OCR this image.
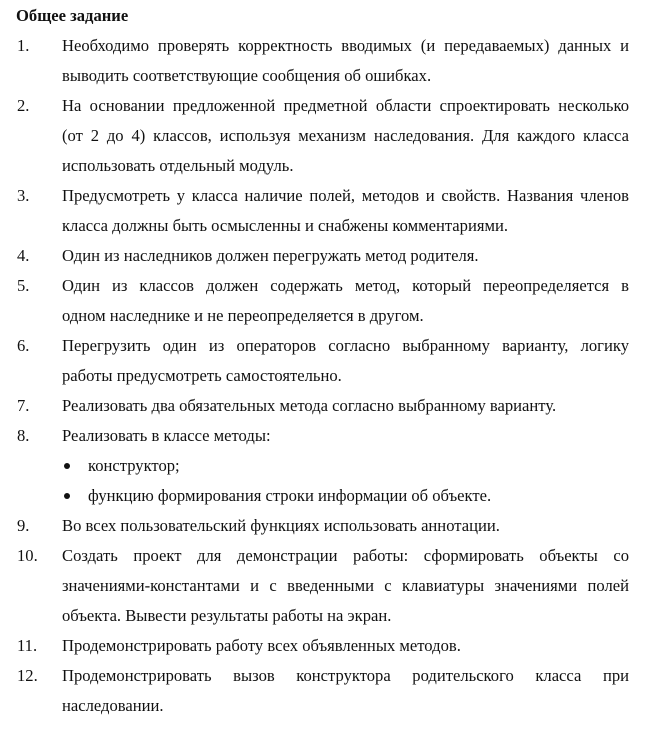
Общее задание
1. Необходимо проверять корректность вводимых (и передаваемых) данных и
выводить соответствующие сообщения об ошибках.
2. На основании предложенной предметной области спроектировать несколько
(от 2 до 4) классов, используя механизм наследования. Для каждого класса
использовать отдельный модуль.
3. Предусмотреть у класса наличие полей, методов и свойств. Названия членов
класса должны быть осмысленны и снабжены комментариями.
4. Один из наследников должен перегружать метод родителя.
5. Один из классов должен содержать метод, который переопределяется в
одном наследнике и не переопределяется в другом.
6. Перегрузить один из операторов согласно выбранному варианту, логику
работы предусмотреть самостоятельно.
7. Реализовать два обязательных метода согласно выбранному варианту.
8. Реализовать в классе методы:
конструктор;
функцию формирования строки информации об объекте.
9. Во всех пользовательский функциях использовать аннотации.
10. Создать проект для демонстрации работы: сформировать объекты со
значениями-константами и с введенными с клавиатуры значениями полей
объекта. Вывести результаты работы на экран.
11. Продемонстрировать работу всех объявленных методов.
12. Продемонстрировать вызов конструктора родительского класса при
наследовании.
